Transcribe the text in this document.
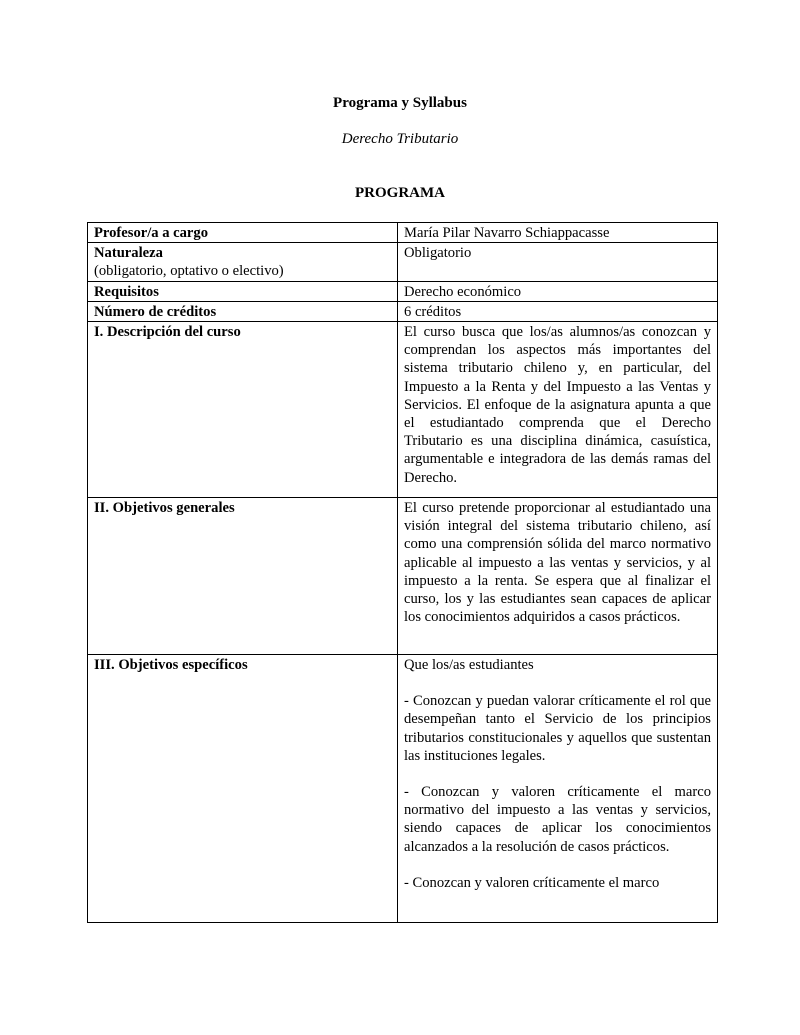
Programa y Syllabus
Derecho Tributario
PROGRAMA
Profesor/a a cargo	María Pilar Navarro Schiappacasse

Naturaleza
(obligatorio, optativo o electivo)	Obligatorio
Requisitos	Derecho económico
Número de créditos	6 créditos
I. Descripción del curso	El curso busca que los/as alumnos/as conozcan y comprendan los aspectos más importantes del sistema tributario chileno y, en particular, del Impuesto a la Renta y del Impuesto a las Ventas y Servicios. El enfoque de la asignatura apunta a que el estudiantado comprenda que el Derecho Tributario es una disciplina dinámica, casuística, argumentable e integradora de las demás ramas del Derecho.

II. Objetivos generales	El curso pretende proporcionar al estudiantado una visión integral del sistema tributario chileno, así como una comprensión sólida del marco normativo aplicable al impuesto a las ventas y servicios, y al impuesto a la renta. Se espera que al finalizar el curso, los y las estudiantes sean capaces de aplicar los conocimientos adquiridos a casos prácticos.

III. Objetivos específicos	Que los/as estudiantes
- Conozcan y puedan valorar críticamente el rol que desempeñan tanto el Servicio de los principios tributarios constitucionales y aquellos que sustentan las instituciones legales.
- Conozcan y valoren críticamente el marco normativo del impuesto a las ventas y servicios, siendo capaces de aplicar los conocimientos alcanzados a la resolución de casos prácticos.
- Conozcan y valoren críticamente el marco
